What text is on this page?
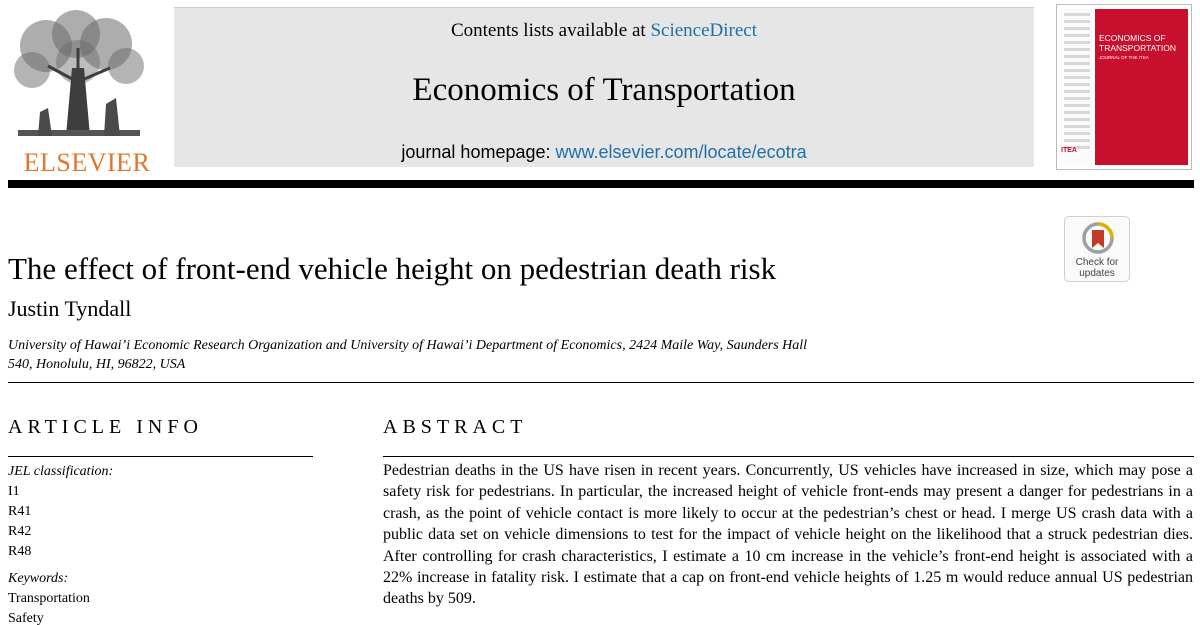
ELSEVIER
Contents lists available at ScienceDirect
Economics of Transportation
journal homepage: www.elsevier.com/locate/ecotra
ECONOMICS OF
TRANSPORTATION
JOURNAL OF THE ITEA
ITEA
Check for
updates
The effect of front-end vehicle height on pedestrian death risk
Justin Tyndall
University of Hawai’i Economic Research Organization and University of Hawai’i Department of Economics, 2424 Maile Way, Saunders Hall
540, Honolulu, HI, 96822, USA
ARTICLE INFO	ABSTRACT
JEL classification:
I1
R41
R42
R48
Keywords:
Transportation
Safety
Pedestrian deaths in the US have risen in recent years. Concurrently, US vehicles have increased in size, which may pose a safety risk for pedestrians. In particular, the increased height of vehicle front-ends may present a danger for pedestrians in a crash, as the point of vehicle contact is more likely to occur at the pedestrian’s chest or head. I merge US crash data with a public data set on vehicle dimensions to test for the impact of vehicle height on the likelihood that a struck pedestrian dies. After controlling for crash characteristics, I estimate a 10 cm increase in the vehicle’s front-end height is associated with a 22% increase in fatality risk. I estimate that a cap on front-end vehicle heights of 1.25 m would reduce annual US pedestrian deaths by 509.
